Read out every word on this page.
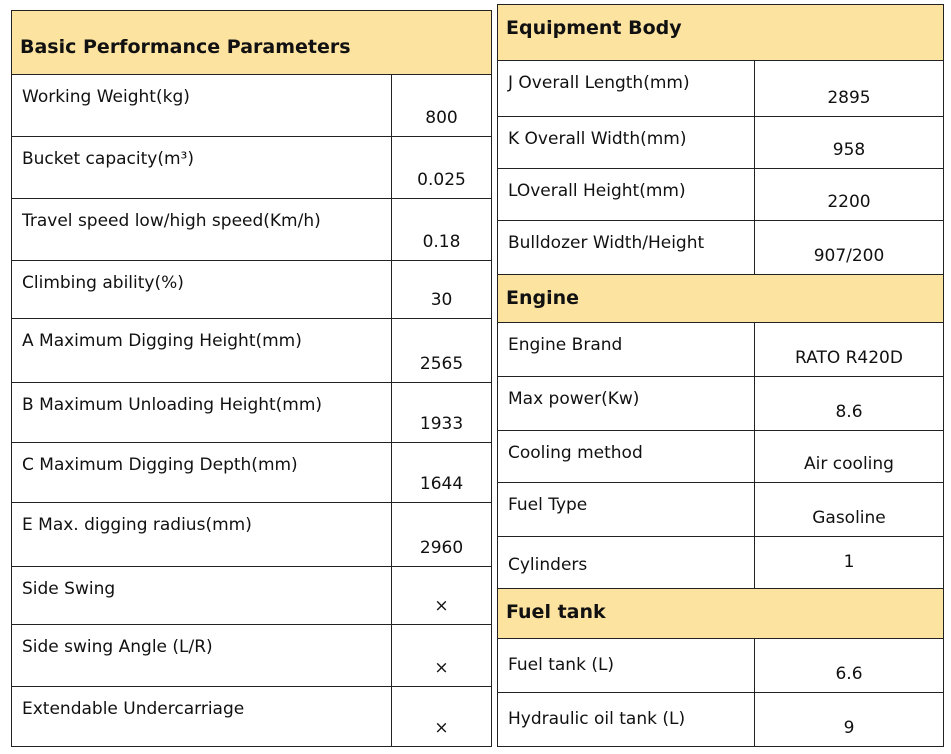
Basic Performance Parameters	
Working Weight(kg)	800
Bucket capacity(m³)	0.025
Travel speed low/high speed(Km/h)	0.18
Climbing ability(%)	30
A Maximum Digging Height(mm)	2565
B Maximum Unloading Height(mm)	1933
C Maximum Digging Depth(mm)	1644
E Max. digging radius(mm)	2960
Side Swing	×
Side swing Angle (L/R)	×
Extendable Undercarriage	×
Equipment Body	
J Overall Length(mm)	2895
K Overall Width(mm)	958
LOverall Height(mm)	2200
Bulldozer Width/Height	907/200
Engine	
Engine Brand	RATO R420D
Max power(Kw)	8.6
Cooling method	Air cooling
Fuel Type	Gasoline
Cylinders	1
Fuel tank	
Fuel tank (L)	6.6
Hydraulic oil tank (L)	9
